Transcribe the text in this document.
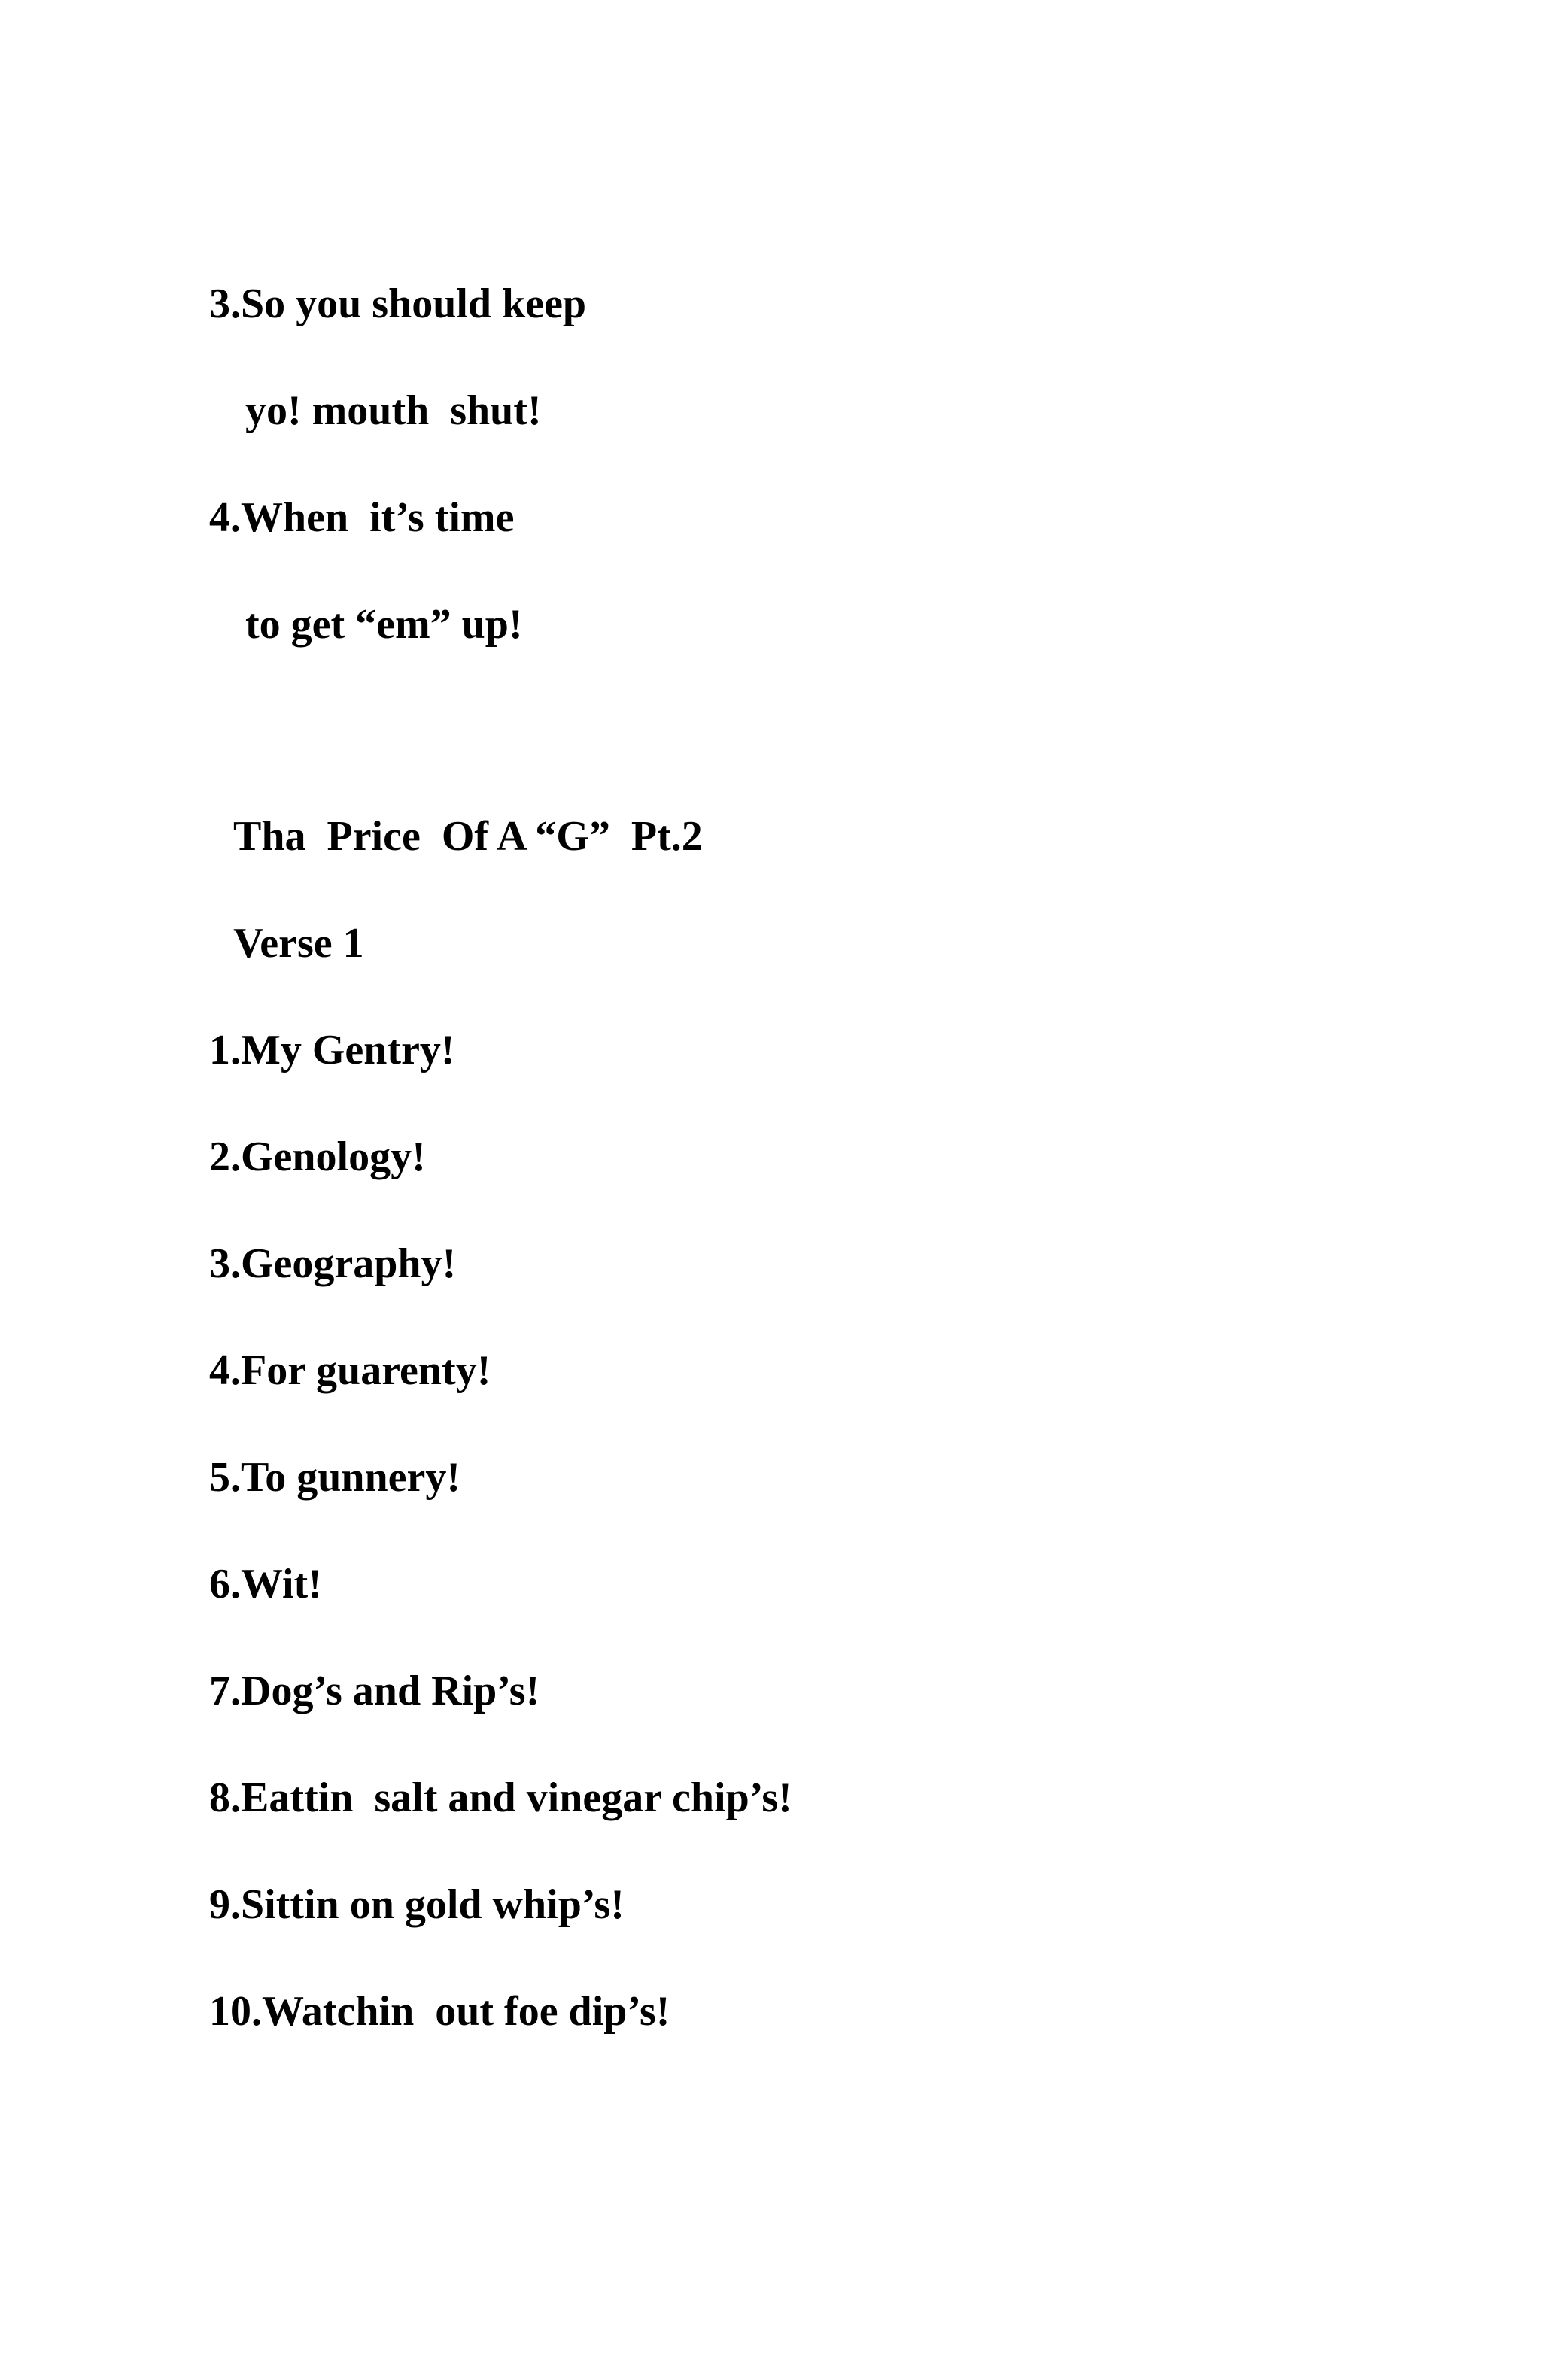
3.So you should keep

yo! mouth  shut!

4.When  it’s time

to get “em” up!

Tha  Price  Of A “G”  Pt.2

Verse 1

1.My Gentry!

2.Genology!

3.Geography!

4.For guarenty!

5.To gunnery!

6.Wit!

7.Dog’s and Rip’s!

8.Eattin  salt and vinegar chip’s!

9.Sittin on gold whip’s!

10.Watchin  out foe dip’s!
